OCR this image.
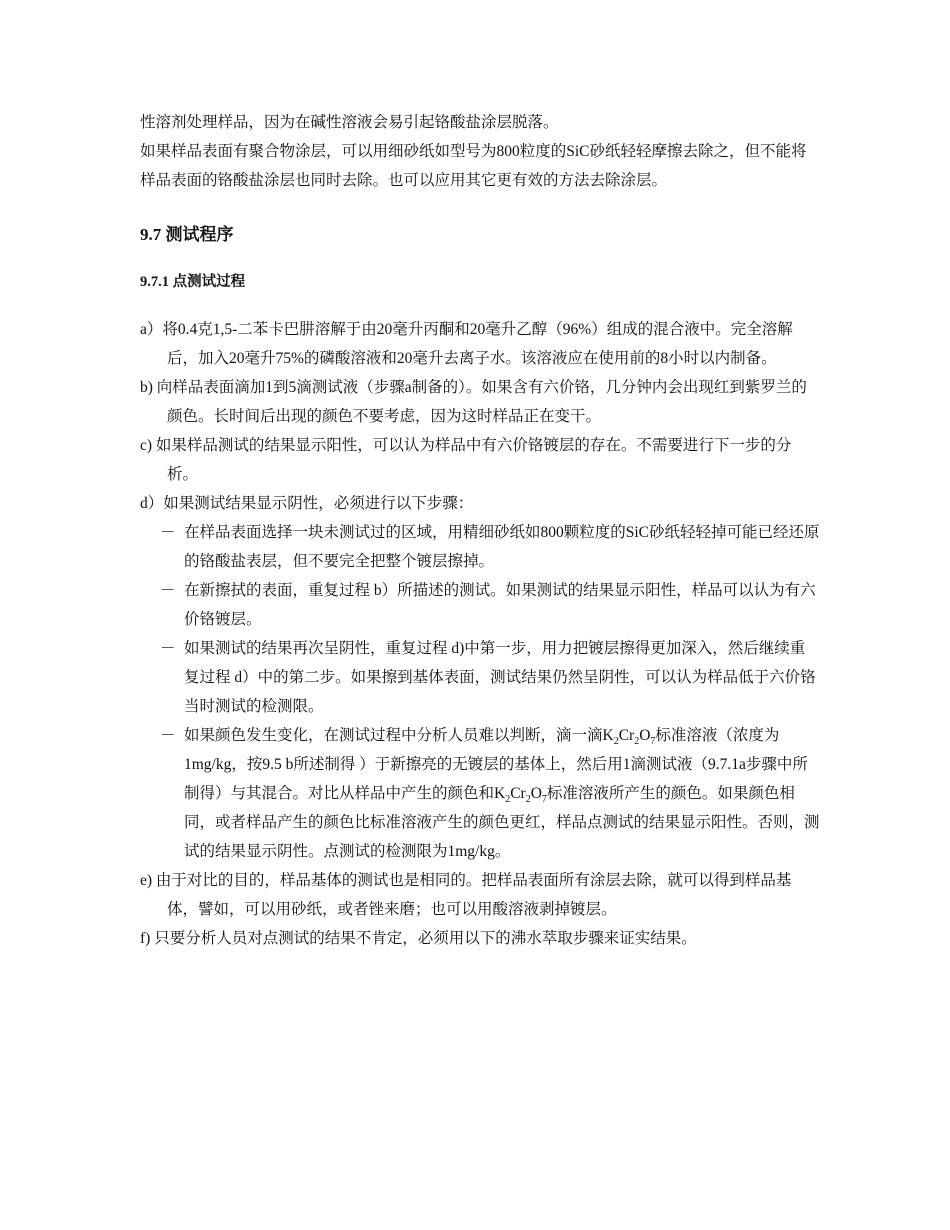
性溶剂处理样品，因为在碱性溶液会易引起铬酸盐涂层脱落。

如果样品表面有聚合物涂层，可以用细砂纸如型号为800粒度的SiC砂纸轻轻摩擦去除之，但不能将样品表面的铬酸盐涂层也同时去除。也可以应用其它更有效的方法去除涂层。

9.7 测试程序
9.7.1 点测试过程

a）将0.4克1,5-二苯卡巴肼溶解于由20毫升丙酮和20毫升乙醇（96%）组成的混合液中。完全溶解后，加入20毫升75%的磷酸溶液和20毫升去离子水。该溶液应在使用前的8小时以内制备。

b) 向样品表面滴加1到5滴测试液（步骤a制备的）。如果含有六价铬，几分钟内会出现红到紫罗兰的颜色。长时间后出现的颜色不要考虑，因为这时样品正在变干。

c) 如果样品测试的结果显示阳性，可以认为样品中有六价铬镀层的存在。不需要进行下一步的分析。

d）如果测试结果显示阴性，必须进行以下步骤：

－ 在样品表面选择一块未测试过的区域，用精细砂纸如800颗粒度的SiC砂纸轻轻掉可能已经还原的铬酸盐表层，但不要完全把整个镀层擦掉。

－ 在新擦拭的表面，重复过程 b）所描述的测试。如果测试的结果显示阳性，样品可以认为有六价铬镀层。

－ 如果测试的结果再次呈阴性，重复过程 d)中第一步，用力把镀层擦得更加深入，然后继续重复过程 d）中的第二步。如果擦到基体表面，测试结果仍然呈阴性，可以认为样品低于六价铬当时测试的检测限。

－ 如果颜色发生变化，在测试过程中分析人员难以判断，滴一滴$K_2Cr_2O_7$标准溶液（浓度为1mg/kg，按9.5 b所述制得 ）于新擦亮的无镀层的基体上，然后用1滴测试液（9.7.1a步骤中所制得）与其混合。对比从样品中产生的颜色和$K_2Cr_2O_7$标准溶液所产生的颜色。如果颜色相同，或者样品产生的颜色比标准溶液产生的颜色更红，样品点测试的结果显示阳性。否则，测试的结果显示阴性。点测试的检测限为1mg/kg。

e) 由于对比的目的，样品基体的测试也是相同的。把样品表面所有涂层去除，就可以得到样品基体，譬如，可以用砂纸，或者锉来磨；也可以用酸溶液剥掉镀层。

f) 只要分析人员对点测试的结果不肯定，必须用以下的沸水萃取步骤来证实结果。
